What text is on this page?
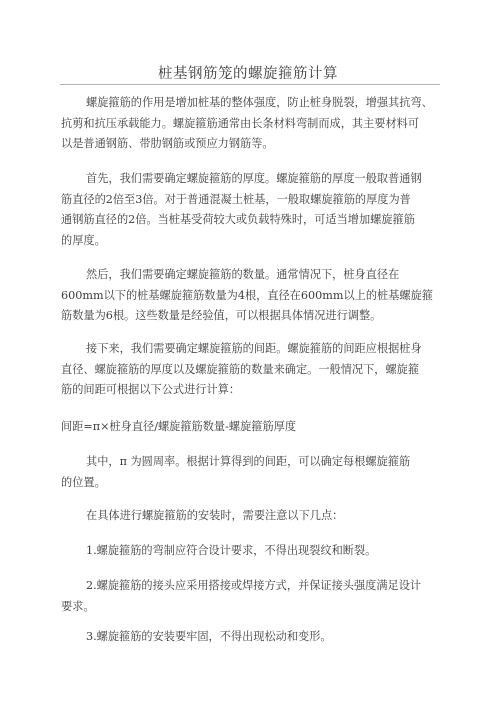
桩基钢筋笼的螺旋箍筋计算

螺旋箍筋的作用是增加桩基的整体强度，防止桩身脱裂，增强其抗弯、
抗剪和抗压承载能力。螺旋箍筋通常由长条材料弯制而成，其主要材料可
以是普通钢筋、带肋钢筋或预应力钢筋等。

首先，我们需要确定螺旋箍筋的厚度。螺旋箍筋的厚度一般取普通钢
筋直径的2倍至3倍。对于普通混凝土桩基，一般取螺旋箍筋的厚度为普
通钢筋直径的2倍。当桩基受荷较大或负载特殊时，可适当增加螺旋箍筋
的厚度。

然后，我们需要确定螺旋箍筋的数量。通常情况下，桩身直径在
600mm以下的桩基螺旋箍筋数量为4根，直径在600mm以上的桩基螺旋箍
筋数量为6根。这些数量是经验值，可以根据具体情况进行调整。

接下来，我们需要确定螺旋箍筋的间距。螺旋箍筋的间距应根据桩身
直径、螺旋箍筋的厚度以及螺旋箍筋的数量来确定。一般情况下，螺旋箍
筋的间距可根据以下公式进行计算：

间距=π×桩身直径/螺旋箍筋数量-螺旋箍筋厚度

其中，π 为圆周率。根据计算得到的间距，可以确定每根螺旋箍筋
的位置。

在具体进行螺旋箍筋的安装时，需要注意以下几点：

1.螺旋箍筋的弯制应符合设计要求，不得出现裂纹和断裂。

2.螺旋箍筋的接头应采用搭接或焊接方式，并保证接头强度满足设计
要求。

3.螺旋箍筋的安装要牢固，不得出现松动和变形。
